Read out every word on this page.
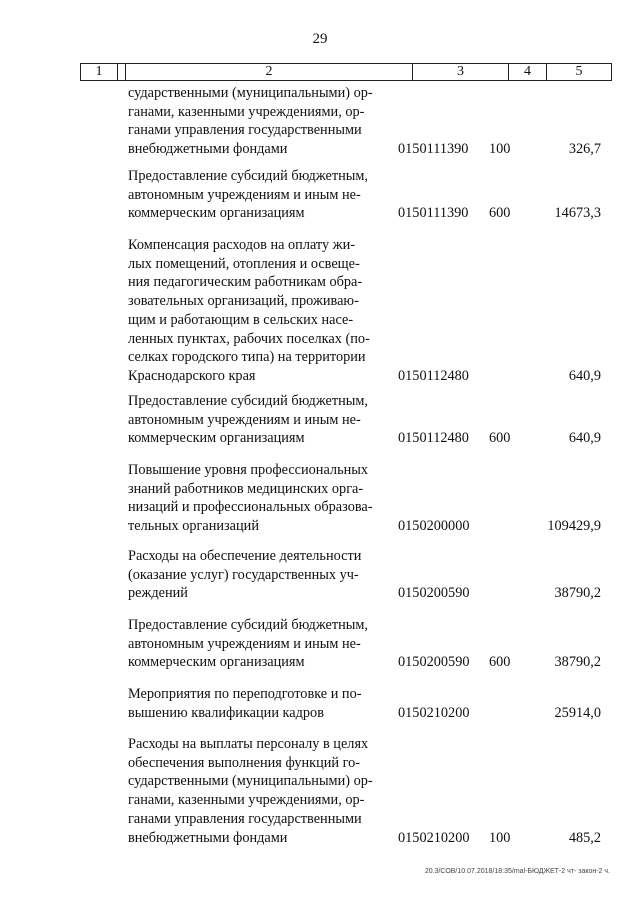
29
1	2	3	4	5
сударственными (муниципальными) ор-
ганами, казенными учреждениями, ор-
ганами управления государственными
внебюджетными фондами	0150111390 100	326,7
Предоставление субсидий бюджетным,
автономным учреждениям и иным не-
коммерческим организациям	0150111390 600	14673,3
Компенсация расходов на оплату жи-
лых помещений, отопления и освеще-
ния педагогическим работникам обра-
зовательных организаций, проживаю-
щим и работающим в сельских насе-
ленных пунктах, рабочих поселках (по-
селках городского типа) на территории
Краснодарского края	0150112480	640,9
Предоставление субсидий бюджетным,
автономным учреждениям и иным не-
коммерческим организациям	0150112480 600	640,9
Повышение уровня профессиональных
знаний работников медицинских орга-
низаций и профессиональных образова-
тельных организаций	0150200000	109429,9
Расходы на обеспечение деятельности
(оказание услуг) государственных уч-
реждений	0150200590	38790,2
Предоставление субсидий бюджетным,
автономным учреждениям и иным не-
коммерческим организациям	0150200590 600	38790,2
Мероприятия по переподготовке и по-
вышению квалификации кадров	0150210200	25914,0
Расходы на выплаты персоналу в целях
обеспечения выполнения функций го-
сударственными (муниципальными) ор-
ганами, казенными учреждениями, ор-
ганами управления государственными
внебюджетными фондами	0150210200 100	485,2
20.3/СОВ/10.07.2018/18:35/mal-БЮДЖЕТ-2 чт- закон-2 ч.
